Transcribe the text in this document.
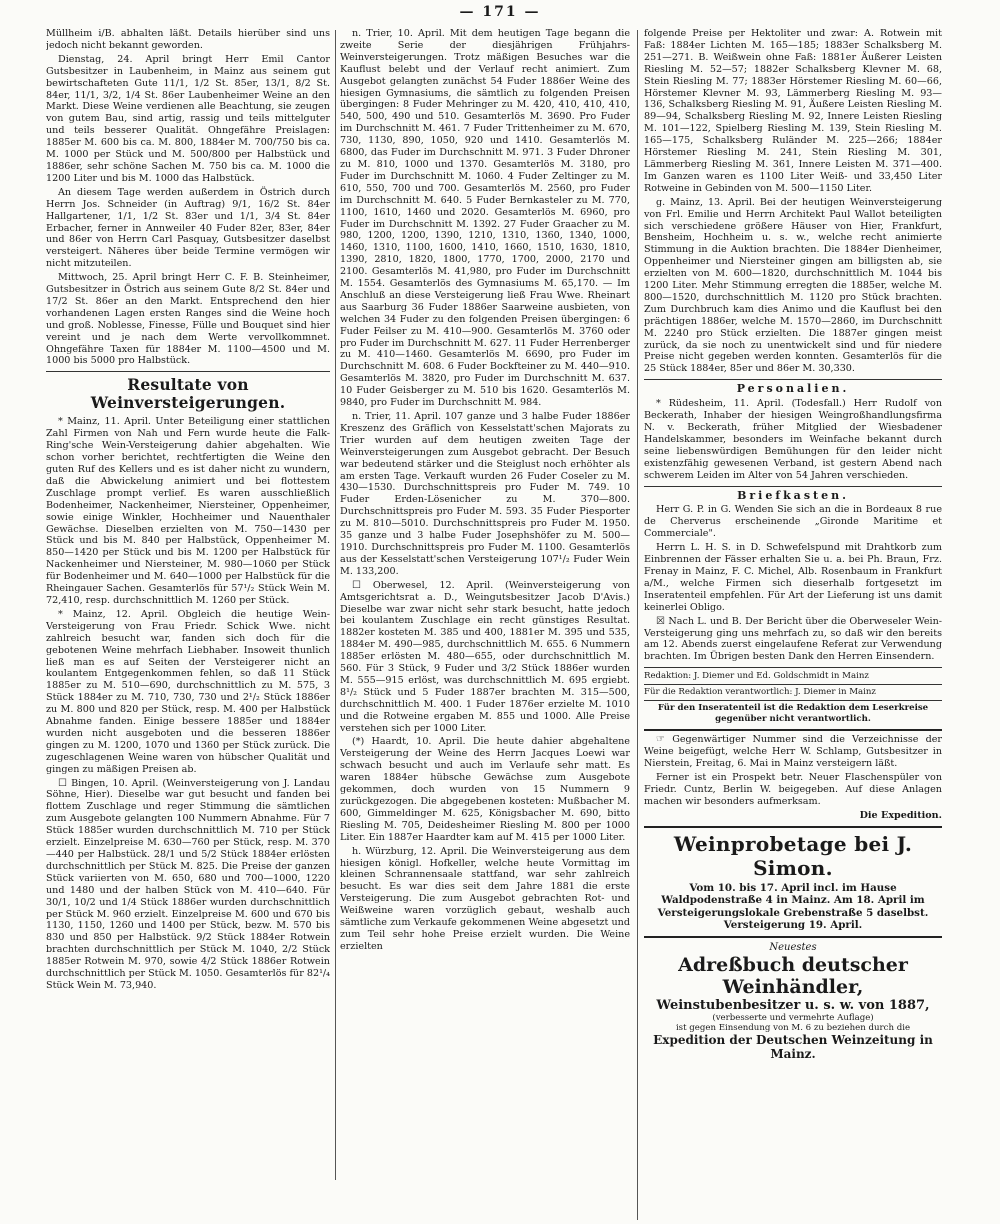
— 171 —

Müllheim i/B. abhalten läßt. Details hierüber sind uns jedoch nicht bekannt geworden.

Dienstag, 24. April bringt Herr Emil Cantor Gutsbesitzer in Laubenheim, in Mainz aus seinem gut bewirtschafteten Gute 11/1, 1/2 St. 85er, 13/1, 8/2 St. 84er, 11/1, 3/2, 1/4 St. 86er Laubenheimer Weine an den Markt. Diese Weine verdienen alle Beachtung, sie zeugen von gutem Bau, sind artig, rassig und teils mittelguter und teils besserer Qualität. Ohngefähre Preislagen: 1885er M. 600 bis ca. M. 800, 1884er M. 700/750 bis ca. M. 1000 per Stück und M. 500/800 per Halbstück und 1886er, sehr schöne Sachen M. 750 bis ca. M. 1000 die 1200 Liter und bis M. 1000 das Halbstück.

An diesem Tage werden außerdem in Östrich durch Herrn Jos. Schneider (in Auftrag) 9/1, 16/2 St. 84er Hallgartener, 1/1, 1/2 St. 83er und 1/1, 3/4 St. 84er Erbacher, ferner in Annweiler 40 Fuder 82er, 83er, 84er und 86er von Herrn Carl Pasquay, Gutsbesitzer daselbst versteigert. Näheres über beide Termine vermögen wir nicht mitzuteilen.

Mittwoch, 25. April bringt Herr C. F. B. Steinheimer, Gutsbesitzer in Östrich aus seinem Gute 8/2 St. 84er und 17/2 St. 86er an den Markt. Entsprechend den hier vorhandenen Lagen ersten Ranges sind die Weine hoch und groß. Noblesse, Finesse, Fülle und Bouquet sind hier vereint und je nach dem Werte vervollkommnet. Ohngefähre Taxen für 1884er M. 1100—4500 und M. 1000 bis 5000 pro Halbstück.

Resultate von Weinversteigerungen.

* Mainz, 11. April. Unter Beteiligung einer stattlichen Zahl Firmen von Nah und Fern wurde heute die Falk-Ring'sche Wein-Versteigerung dahier abgehalten. Wie schon vorher berichtet, rechtfertigten die Weine den guten Ruf des Kellers und es ist daher nicht zu wundern, daß die Abwickelung animiert und bei flottestem Zuschlage prompt verlief. Es waren ausschließlich Bodenheimer, Nackenheimer, Niersteiner, Oppenheimer, sowie einige Winkler, Hochheimer und Nauenthaler Gewächse. Dieselben erzielten von M. 750—1430 per Stück und bis M. 840 per Halbstück, Oppenheimer M. 850—1420 per Stück und bis M. 1200 per Halbstück für Nackenheimer und Niersteiner, M. 980—1060 per Stück für Bodenheimer und M. 640—1000 per Halbstück für die Rheingauer Sachen. Gesamterlös für 57¹/₂ Stück Wein M. 72,410, resp. durchschnittlich M. 1260 per Stück.

* Mainz, 12. April. Obgleich die heutige Wein-Versteigerung von Frau Friedr. Schick Wwe. nicht zahlreich besucht war, fanden sich doch für die gebotenen Weine mehrfach Liebhaber. Insoweit thunlich ließ man es auf Seiten der Versteigerer nicht an koulantem Entgegenkommen fehlen, so daß 11 Stück 1885er zu M. 510—690, durchschnittlich zu M. 575, 3 Stück 1884er zu M. 710, 730, 730 und 2¹/₂ Stück 1886er zu M. 800 und 820 per Stück, resp. M. 400 per Halbstück Abnahme fanden. Einige bessere 1885er und 1884er wurden nicht ausgeboten und die besseren 1886er gingen zu M. 1200, 1070 und 1360 per Stück zurück. Die zugeschlagenen Weine waren von hübscher Qualität und gingen zu mäßigen Preisen ab.

☐ Bingen, 10. April. (Weinversteigerung von J. Landau Söhne, Hier). Dieselbe war gut besucht und fanden bei flottem Zuschlage und reger Stimmung die sämtlichen zum Ausgebote gelangten 100 Nummern Abnahme. Für 7 Stück 1885er wurden durchschnittlich M. 710 per Stück erzielt. Einzelpreise M. 630—760 per Stück, resp. M. 370—440 per Halbstück. 28/1 und 5/2 Stück 1884er erlösten durchschnittlich per Stück M. 825. Die Preise der ganzen Stück variierten von M. 650, 680 und 700—1000, 1220 und 1480 und der halben Stück von M. 410—640. Für 30/1, 10/2 und 1/4 Stück 1886er wurden durchschnittlich per Stück M. 960 erzielt. Einzelpreise M. 600 und 670 bis 1130, 1150, 1260 und 1400 per Stück, bezw. M. 570 bis 830 und 850 per Halbstück. 9/2 Stück 1884er Rotwein brachten durchschnittlich per Stück M. 1040, 2/2 Stück 1885er Rotwein M. 970, sowie 4/2 Stück 1886er Rotwein durchschnittlich per Stück M. 1050. Gesamterlös für 82¹/₄ Stück Wein M. 73,940.

n. Trier, 10. April. Mit dem heutigen Tage begann die zweite Serie der diesjährigen Frühjahrs-Weinversteigerungen. Trotz mäßigen Besuches war die Kauflust belebt und der Verlauf recht animiert. Zum Ausgebot gelangten zunächst 54 Fuder 1886er Weine des hiesigen Gymnasiums, die sämtlich zu folgenden Preisen übergingen: 8 Fuder Mehringer zu M. 420, 410, 410, 410, 540, 500, 490 und 510. Gesamterlös M. 3690. Pro Fuder im Durchschnitt M. 461. 7 Fuder Trittenheimer zu M. 670, 730, 1130, 890, 1050, 920 und 1410. Gesamterlös M. 6800, das Fuder im Durchschnitt M. 971. 3 Fuder Dhroner zu M. 810, 1000 und 1370. Gesamterlös M. 3180, pro Fuder im Durchschnitt M. 1060. 4 Fuder Zeltinger zu M. 610, 550, 700 und 700. Gesamterlös M. 2560, pro Fuder im Durchschnitt M. 640. 5 Fuder Bernkasteler zu M. 770, 1100, 1610, 1460 und 2020. Gesamterlös M. 6960, pro Fuder im Durchschnitt M. 1392. 27 Fuder Graacher zu M. 980, 1200, 1200, 1390, 1210, 1310, 1360, 1340, 1000, 1460, 1310, 1100, 1600, 1410, 1660, 1510, 1630, 1810, 1390, 2810, 1820, 1800, 1770, 1700, 2000, 2170 und 2100. Gesamterlös M. 41,980, pro Fuder im Durchschnitt M. 1554. Gesamterlös des Gymnasiums M. 65,170. — Im Anschluß an diese Versteigerung ließ Frau Wwe. Rheinart aus Saarburg 36 Fuder 1886er Saarweine ausbieten, von welchen 34 Fuder zu den folgenden Preisen übergingen: 6 Fuder Feilser zu M. 410—900. Gesamterlös M. 3760 oder pro Fuder im Durchschnitt M. 627. 11 Fuder Herrenberger zu M. 410—1460. Gesamterlös M. 6690, pro Fuder im Durchschnitt M. 608. 6 Fuder Bockfteiner zu M. 440—910. Gesamterlös M. 3820, pro Fuder im Durchschnitt M. 637. 10 Fuder Geisberger zu M. 510 bis 1620. Gesamterlös M. 9840, pro Fuder im Durchschnitt M. 984.

n. Trier, 11. April. 107 ganze und 3 halbe Fuder 1886er Kreszenz des Gräflich von Kesselstatt'schen Majorats zu Trier wurden auf dem heutigen zweiten Tage der Weinversteigerungen zum Ausgebot gebracht. Der Besuch war bedeutend stärker und die Steiglust noch erhöhter als am ersten Tage. Verkauft wurden 26 Fuder Coseler zu M. 430—1530. Durchschnittspreis pro Fuder M. 749. 10 Fuder Erden-Lösenicher zu M. 370—800. Durchschnittspreis pro Fuder M. 593. 35 Fuder Piesporter zu M. 810—5010. Durchschnittspreis pro Fuder M. 1950. 35 ganze und 3 halbe Fuder Josephshöfer zu M. 500—1910. Durchschnittspreis pro Fuder M. 1100. Gesamterlös aus der Kesselstatt'schen Versteigerung 107¹/₂ Fuder Wein M. 133,200.

☐ Oberwesel, 12. April. (Weinversteigerung von Amtsgerichtsrat a. D., Weingutsbesitzer Jacob D'Avis.) Dieselbe war zwar nicht sehr stark besucht, hatte jedoch bei koulantem Zuschlage ein recht günstiges Resultat. 1882er kosteten M. 385 und 400, 1881er M. 395 und 535, 1884er M. 490—985, durchschnittlich M. 655. 6 Nummern 1885er erlösten M. 480—655, oder durchschnittlich M. 560. Für 3 Stück, 9 Fuder und 3/2 Stück 1886er wurden M. 555—915 erlöst, was durchschnittlich M. 695 ergiebt. 8¹/₂ Stück und 5 Fuder 1887er brachten M. 315—500, durchschnittlich M. 400. 1 Fuder 1876er erzielte M. 1010 und die Rotweine ergaben M. 855 und 1000. Alle Preise verstehen sich per 1000 Liter.

(*) Haardt, 10. April. Die heute dahier abgehaltene Versteigerung der Weine des Herrn Jacques Loewi war schwach besucht und auch im Verlaufe sehr matt. Es waren 1884er hübsche Gewächse zum Ausgebote gekommen, doch wurden von 15 Nummern 9 zurückgezogen. Die abgegebenen kosteten: Mußbacher M. 600, Gimmeldinger M. 625, Königsbacher M. 690, bitto Riesling M. 705, Deidesheimer Riesling M. 800 per 1000 Liter. Ein 1887er Haardter kam auf M. 415 per 1000 Liter.

h. Würzburg, 12. April. Die Weinversteigerung aus dem hiesigen königl. Hofkeller, welche heute Vormittag im kleinen Schrannensaale stattfand, war sehr zahlreich besucht. Es war dies seit dem Jahre 1881 die erste Versteigerung. Die zum Ausgebot gebrachten Rot- und Weißweine waren vorzüglich gebaut, weshalb auch sämtliche zum Verkaufe gekommenen Weine abgesetzt und zum Teil sehr hohe Preise erzielt wurden. Die Weine erzielten

folgende Preise per Hektoliter und zwar: A. Rotwein mit Faß: 1884er Lichten M. 165—185; 1883er Schalksberg M. 251—271. B. Weißwein ohne Faß: 1881er Äußerer Leisten Riesling M. 52—57; 1882er Schalksberg Klevner M. 68, Stein Riesling M. 77; 1883er Hörstemer Riesling M. 60—66, Hörstemer Klevner M. 93, Lämmerberg Riesling M. 93—136, Schalksberg Riesling M. 91, Äußere Leisten Riesling M. 89—94, Schalksberg Riesling M. 92, Innere Leisten Riesling M. 101—122, Spielberg Riesling M. 139, Stein Riesling M. 165—175, Schalksberg Ruländer M. 225—266; 1884er Hörstemer Riesling M. 241, Stein Riesling M. 301, Lämmerberg Riesling M. 361, Innere Leisten M. 371—400. Im Ganzen waren es 1100 Liter Weiß- und 33,450 Liter Rotweine in Gebinden von M. 500—1150 Liter.

g. Mainz, 13. April. Bei der heutigen Weinversteigerung von Frl. Emilie und Herrn Architekt Paul Wallot beteiligten sich verschiedene größere Häuser von Hier, Frankfurt, Bensheim, Hochheim u. s. w., welche recht animierte Stimmung in die Auktion brachten. Die 1884er Dienheimer, Oppenheimer und Niersteiner gingen am billigsten ab, sie erzielten von M. 600—1820, durchschnittlich M. 1044 bis 1200 Liter. Mehr Stimmung erregten die 1885er, welche M. 800—1520, durchschnittlich M. 1120 pro Stück brachten. Zum Durchbruch kam dies Animo und die Kauflust bei den prächtigen 1886er, welche M. 1570—2860, im Durchschnitt M. 2240 pro Stück erzielten. Die 1887er gingen meist zurück, da sie noch zu unentwickelt sind und für niedere Preise nicht gegeben werden konnten. Gesamterlös für die 25 Stück 1884er, 85er und 86er M. 30,330.

Personalien.

* Rüdesheim, 11. April. (Todesfall.) Herr Rudolf von Beckerath, Inhaber der hiesigen Weingroßhandlungsfirma N. v. Beckerath, früher Mitglied der Wiesbadener Handelskammer, besonders im Weinfache bekannt durch seine liebenswürdigen Bemühungen für den leider nicht existenzfähig gewesenen Verband, ist gestern Abend nach schwerem Leiden im Alter von 54 Jahren verschieden.

Briefkasten.

Herr G. P. in G. Wenden Sie sich an die in Bordeaux 8 rue de Cherverus erscheinende „Gironde Maritime et Commerciale".

Herrn L. H. S. in D. Schwefelspund mit Drahtkorb zum Einbrennen der Fässer erhalten Sie u. a. bei Ph. Braun, Frz. Frenay in Mainz, F. C. Michel, Alb. Rosenbaum in Frankfurt a/M., welche Firmen sich dieserhalb fortgesetzt im Inseratenteil empfehlen. Für Art der Lieferung ist uns damit keinerlei Obligo.

☒ Nach L. und B. Der Bericht über die Oberweseler Wein-Versteigerung ging uns mehrfach zu, so daß wir den bereits am 12. Abends zuerst eingelaufene Referat zur Verwendung brachten. Im Übrigen besten Dank den Herren Einsendern.

Redaktion: J. Diemer und Ed. Goldschmidt in Mainz
Für die Redaktion verantwortlich: J. Diemer in Mainz
Für den Inseratenteil ist die Redaktion dem Leserkreise gegenüber nicht verantwortlich.

☞ Gegenwärtiger Nummer sind die Verzeichnisse der Weine beigefügt, welche Herr W. Schlamp, Gutsbesitzer in Nierstein, Freitag, 6. Mai in Mainz versteigern läßt.

Ferner ist ein Prospekt betr. Neuer Flaschenspüler von Friedr. Cuntz, Berlin W. beigegeben. Auf diese Anlagen machen wir besonders aufmerksam.

Die Expedition.
Weinprobetage bei J. Simon.
Vom 10. bis 17. April incl. im Hause Waldpodenstraße 4 in Mainz. Am 18. April im Versteigerungslokale Grebenstraße 5 daselbst. Versteigerung 19. April.
Neuestes
Adreßbuch deutscher Weinhändler,
Weinstubenbesitzer u. s. w. von 1887,
(verbesserte und vermehrte Auflage)
ist gegen Einsendung von M. 6 zu beziehen durch die
Expedition der Deutschen Weinzeitung in Mainz.
